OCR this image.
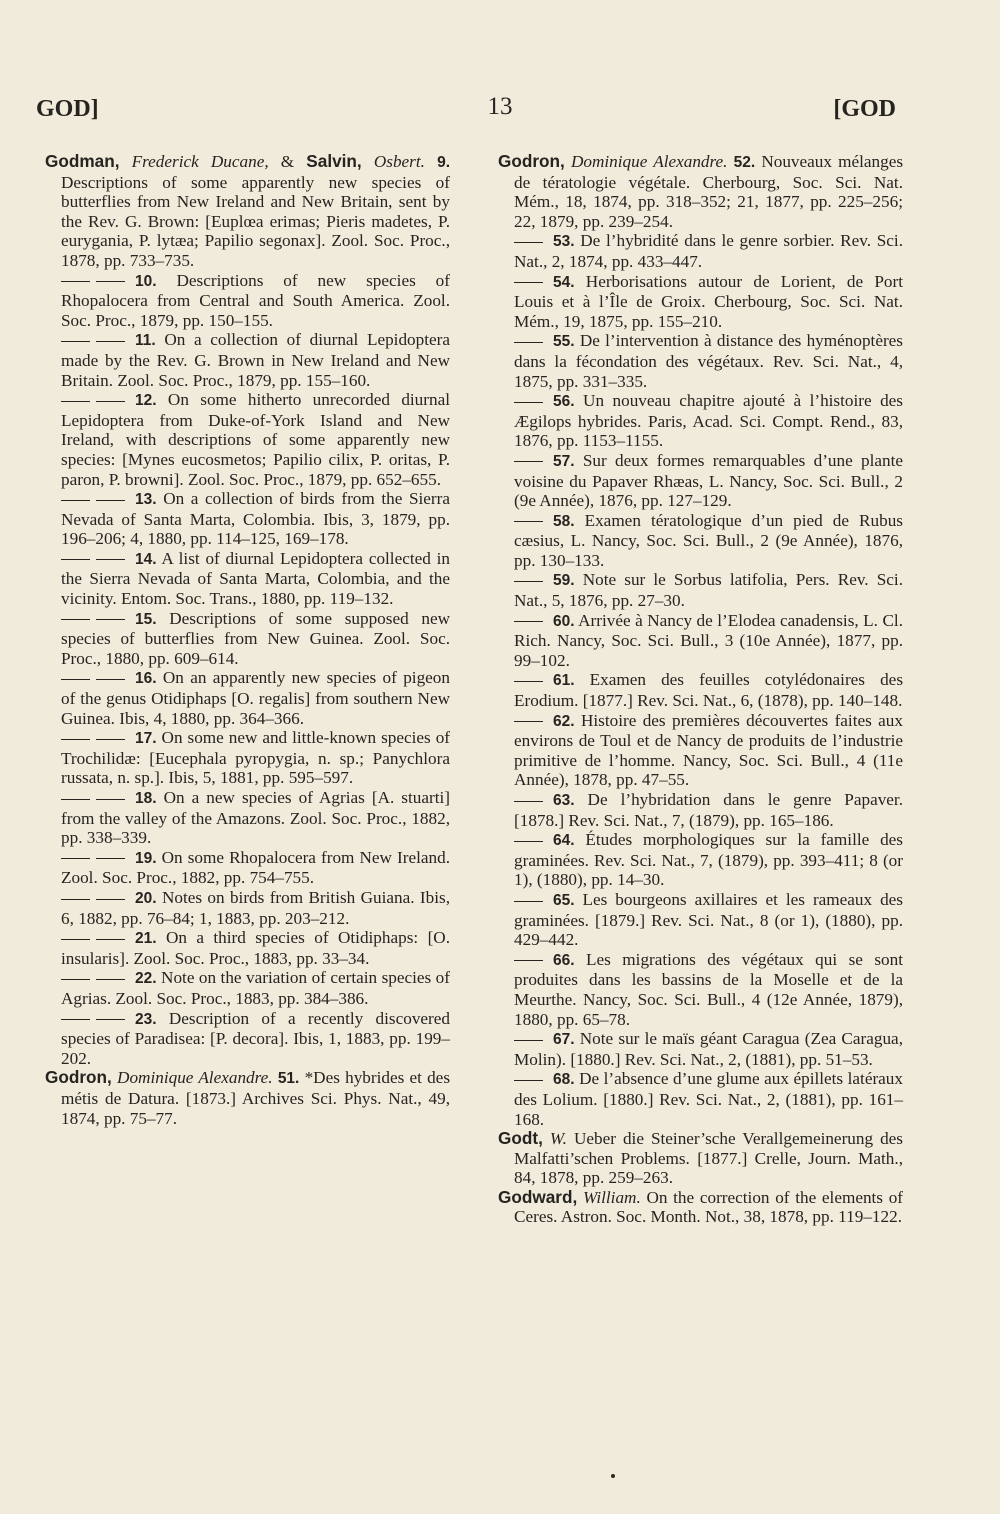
GOD]	13	[GOD
Godman, Frederick Ducane, & Salvin, Osbert. 9. Descriptions of some apparently new species of butterflies from New Ireland and New Britain, sent by the Rev. G. Brown: [Euplœa erimas; Pieris madetes, P. eurygania, P. lytæa; Papilio segonax]. Zool. Soc. Proc., 1878, pp. 733–735.
10. Descriptions of new species of Rhopalocera from Central and South America. Zool. Soc. Proc., 1879, pp. 150–155.
11. On a collection of diurnal Lepidoptera made by the Rev. G. Brown in New Ireland and New Britain. Zool. Soc. Proc., 1879, pp. 155–160.
12. On some hitherto unrecorded diurnal Lepidoptera from Duke-of-York Island and New Ireland, with descriptions of some apparently new species: [Mynes eucosmetos; Papilio cilix, P. oritas, P. paron, P. browni]. Zool. Soc. Proc., 1879, pp. 652–655.
13. On a collection of birds from the Sierra Nevada of Santa Marta, Colombia. Ibis, 3, 1879, pp. 196–206; 4, 1880, pp. 114–125, 169–178.
14. A list of diurnal Lepidoptera collected in the Sierra Nevada of Santa Marta, Colombia, and the vicinity. Entom. Soc. Trans., 1880, pp. 119–132.
15. Descriptions of some supposed new species of butterflies from New Guinea. Zool. Soc. Proc., 1880, pp. 609–614.
16. On an apparently new species of pigeon of the genus Otidiphaps [O. regalis] from southern New Guinea. Ibis, 4, 1880, pp. 364–366.
17. On some new and little-known species of Trochilidæ: [Eucephala pyropygia, n. sp.; Panychlora russata, n. sp.]. Ibis, 5, 1881, pp. 595–597.
18. On a new species of Agrias [A. stuarti] from the valley of the Amazons. Zool. Soc. Proc., 1882, pp. 338–339.
19. On some Rhopalocera from New Ireland. Zool. Soc. Proc., 1882, pp. 754–755.
20. Notes on birds from British Guiana. Ibis, 6, 1882, pp. 76–84; 1, 1883, pp. 203–212.
21. On a third species of Otidiphaps: [O. insularis]. Zool. Soc. Proc., 1883, pp. 33–34.
22. Note on the variation of certain species of Agrias. Zool. Soc. Proc., 1883, pp. 384–386.
23. Description of a recently discovered species of Paradisea: [P. decora]. Ibis, 1, 1883, pp. 199–202.
Godron, Dominique Alexandre. 51. *Des hybrides et des métis de Datura. [1873.] Archives Sci. Phys. Nat., 49, 1874, pp. 75–77.
Godron, Dominique Alexandre. 52. Nouveaux mélanges de tératologie végétale. Cherbourg, Soc. Sci. Nat. Mém., 18, 1874, pp. 318–352; 21, 1877, pp. 225–256; 22, 1879, pp. 239–254.
53. De l’hybridité dans le genre sorbier. Rev. Sci. Nat., 2, 1874, pp. 433–447.
54. Herborisations autour de Lorient, de Port Louis et à l’Île de Groix. Cherbourg, Soc. Sci. Nat. Mém., 19, 1875, pp. 155–210.
55. De l’intervention à distance des hyménoptères dans la fécondation des végétaux. Rev. Sci. Nat., 4, 1875, pp. 331–335.
56. Un nouveau chapitre ajouté à l’histoire des Ægilops hybrides. Paris, Acad. Sci. Compt. Rend., 83, 1876, pp. 1153–1155.
57. Sur deux formes remarquables d’une plante voisine du Papaver Rhæas, L. Nancy, Soc. Sci. Bull., 2 (9e Année), 1876, pp. 127–129.
58. Examen tératologique d’un pied de Rubus cæsius, L. Nancy, Soc. Sci. Bull., 2 (9e Année), 1876, pp. 130–133.
59. Note sur le Sorbus latifolia, Pers. Rev. Sci. Nat., 5, 1876, pp. 27–30.
60. Arrivée à Nancy de l’Elodea canadensis, L. Cl. Rich. Nancy, Soc. Sci. Bull., 3 (10e Année), 1877, pp. 99–102.
61. Examen des feuilles cotylédonaires des Erodium. [1877.] Rev. Sci. Nat., 6, (1878), pp. 140–148.
62. Histoire des premières découvertes faites aux environs de Toul et de Nancy de produits de l’industrie primitive de l’homme. Nancy, Soc. Sci. Bull., 4 (11e Année), 1878, pp. 47–55.
63. De l’hybridation dans le genre Papaver. [1878.] Rev. Sci. Nat., 7, (1879), pp. 165–186.
64. Études morphologiques sur la famille des graminées. Rev. Sci. Nat., 7, (1879), pp. 393–411; 8 (or 1), (1880), pp. 14–30.
65. Les bourgeons axillaires et les rameaux des graminées. [1879.] Rev. Sci. Nat., 8 (or 1), (1880), pp. 429–442.
66. Les migrations des végétaux qui se sont produites dans les bassins de la Moselle et de la Meurthe. Nancy, Soc. Sci. Bull., 4 (12e Année, 1879), 1880, pp. 65–78.
67. Note sur le maïs géant Caragua (Zea Caragua, Molin). [1880.] Rev. Sci. Nat., 2, (1881), pp. 51–53.
68. De l’absence d’une glume aux épillets latéraux des Lolium. [1880.] Rev. Sci. Nat., 2, (1881), pp. 161–168.
Godt, W. Ueber die Steiner’sche Verallgemeinerung des Malfatti’schen Problems. [1877.] Crelle, Journ. Math., 84, 1878, pp. 259–263.
Godward, William. On the correction of the elements of Ceres. Astron. Soc. Month. Not., 38, 1878, pp. 119–122.
